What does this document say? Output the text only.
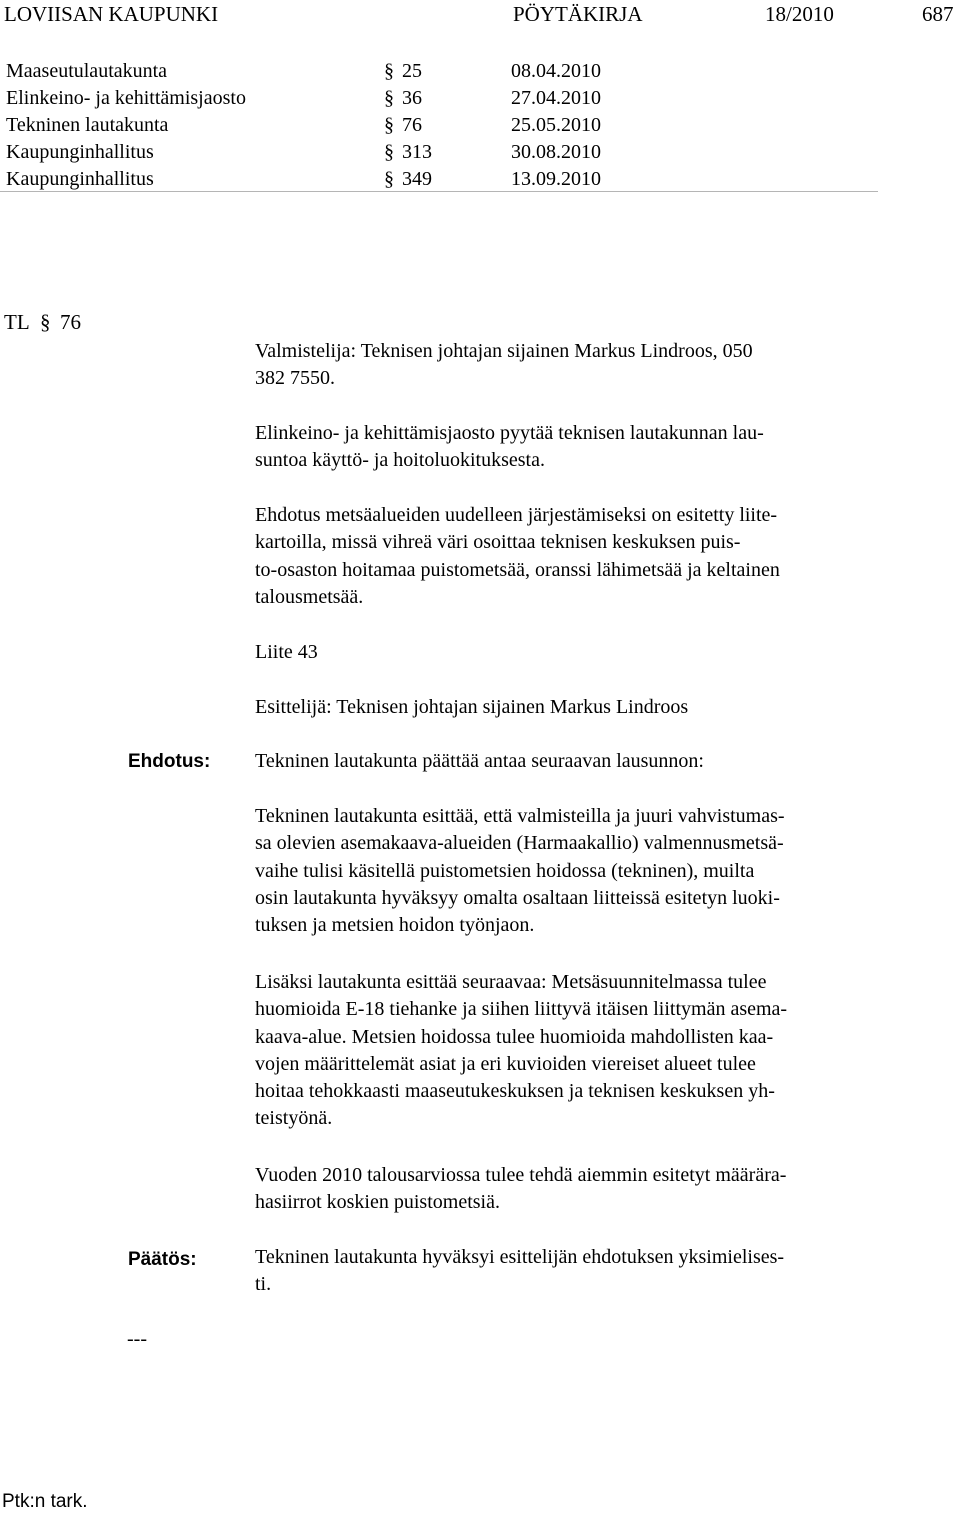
LOVIISAN KAUPUNKI	PÖYTÄKIRJA	18/2010	687
Maaseutulautakunta	§ 25	08.04.2010
Elinkeino- ja kehittämisjaosto	§ 36	27.04.2010
Tekninen lautakunta	§ 76	25.05.2010
Kaupunginhallitus	§ 313	30.08.2010
Kaupunginhallitus	§ 349	13.09.2010
TL § 76
Valmistelija: Teknisen johtajan sijainen Markus Lindroos, 050
382 7550.
Elinkeino- ja kehittämisjaosto pyytää teknisen lautakunnan lau-
suntoa käyttö- ja hoitoluokituksesta.
Ehdotus metsäalueiden uudelleen järjestämiseksi on esitetty liite-
kartoilla, missä vihreä väri osoittaa teknisen keskuksen puis-
to-osaston hoitamaa puistometsää, oranssi lähimetsää ja keltainen
talousmetsää.
Liite 43
Esittelijä: Teknisen johtajan sijainen Markus Lindroos
Ehdotus: Tekninen lautakunta päättää antaa seuraavan lausunnon:
Tekninen lautakunta esittää, että valmisteilla ja juuri vahvistumas-
sa olevien asemakaava-alueiden (Harmaakallio) valmennusmetsä-
vaihe tulisi käsitellä puistometsien hoidossa (tekninen), muilta
osin lautakunta hyväksyy omalta osaltaan liitteissä esitetyn luoki-
tuksen ja metsien hoidon työnjaon.
Lisäksi lautakunta esittää seuraavaa: Metsäsuunnitelmassa tulee
huomioida E-18 tiehanke ja siihen liittyvä itäisen liittymän asema-
kaava-alue. Metsien hoidossa tulee huomioida mahdollisten kaa-
vojen määrittelemät asiat ja eri kuvioiden viereiset alueet tulee
hoitaa tehokkaasti maaseutukeskuksen ja teknisen keskuksen yh-
teistyönä.
Vuoden 2010 talousarviossa tulee tehdä aiemmin esitetyt määrära-
hasiirrot koskien puistometsiä.
Päätös:	Tekninen lautakunta hyväksyi esittelijän ehdotuksen yksimielises-
ti.
---
Ptk:n tark.
